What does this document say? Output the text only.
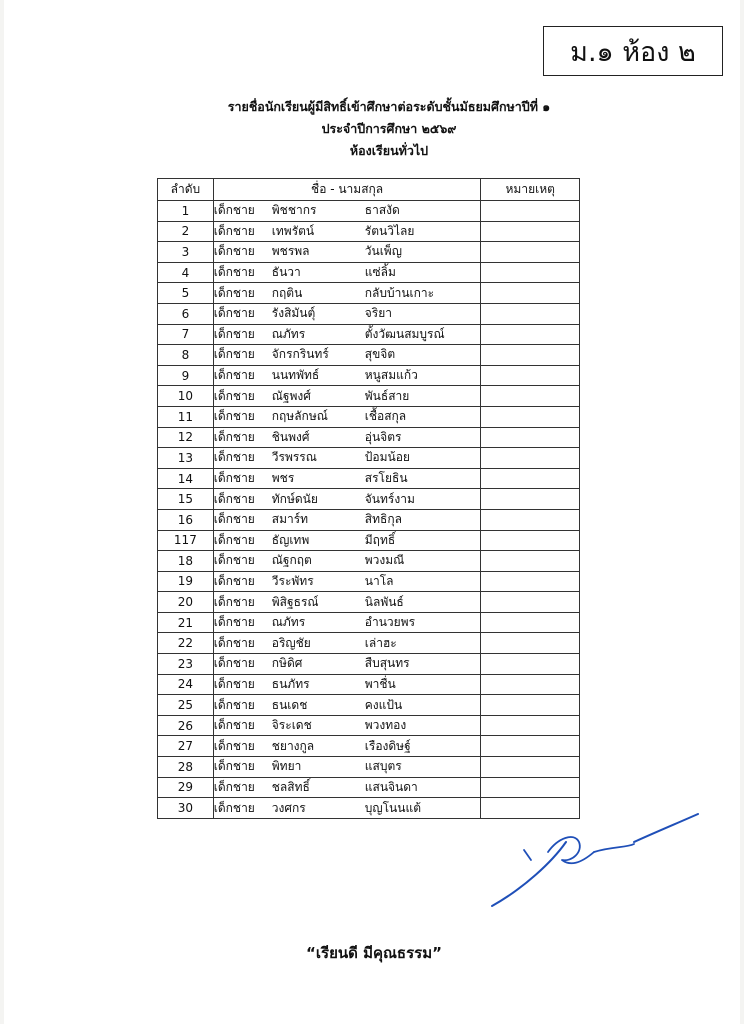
ม.๑ ห้อง ๒
รายชื่อนักเรียนผู้มีสิทธิ์เข้าศึกษาต่อระดับชั้นมัธยมศึกษาปีที่ ๑
ประจำปีการศึกษา ๒๕๖๙
ห้องเรียนทั่วไป
ลำดับ	ชื่อ - นามสกุล	หมายเหตุ
1	เด็กชาย พิชชากร ธาสงัด	
2	เด็กชาย เทพรัตน์ รัตนวิไลย	
3	เด็กชาย พชรพล วันเพ็ญ	
4	เด็กชาย ธันวา แซ่ลิ้ม	
5	เด็กชาย กฤติน กลับบ้านเกาะ	
6	เด็กชาย รังสิมันต์ุ จริยา	
7	เด็กชาย ณภัทร ตั้งวัฒนสมบูรณ์	
8	เด็กชาย จักรกรินทร์ สุขจิต	
9	เด็กชาย นนทพัทธ์ หนูสมแก้ว	
10	เด็กชาย ณัฐพงศ์ พันธ์สาย	
11	เด็กชาย กฤษลักษณ์ เชื้อสกุล	
12	เด็กชาย ชินพงศ์ อุ่นจิตร	
13	เด็กชาย วีรพรรณ ป้อมน้อย	
14	เด็กชาย พชร สรโยธิน	
15	เด็กชาย ทักษ์ดนัย จันทร์งาม	
16	เด็กชาย สมาร์ท สิทธิกุล	
117	เด็กชาย ธัญเทพ มีฤทธิ์	
18	เด็กชาย ณัฐกฤต พวงมณี	
19	เด็กชาย วีระพัทร นาโล	
20	เด็กชาย พิสิฐธรณ์ นิลพันธ์	
21	เด็กชาย ณภัทร อำนวยพร	
22	เด็กชาย อริญชัย เล่าฮะ	
23	เด็กชาย กษิดิศ สืบสุนทร	
24	เด็กชาย ธนภัทร พาชื่น	
25	เด็กชาย ธนเดช คงแป้น	
26	เด็กชาย จิระเดช พวงทอง	
27	เด็กชาย ชยางกูล เรืองดิษฐ์	
28	เด็กชาย พิทยา แสบุตร	
29	เด็กชาย ชลสิทธิ์ แสนจินดา	
30	เด็กชาย วงศกร บุญโนนแต้	
“เรียนดี มีคุณธรรม”
